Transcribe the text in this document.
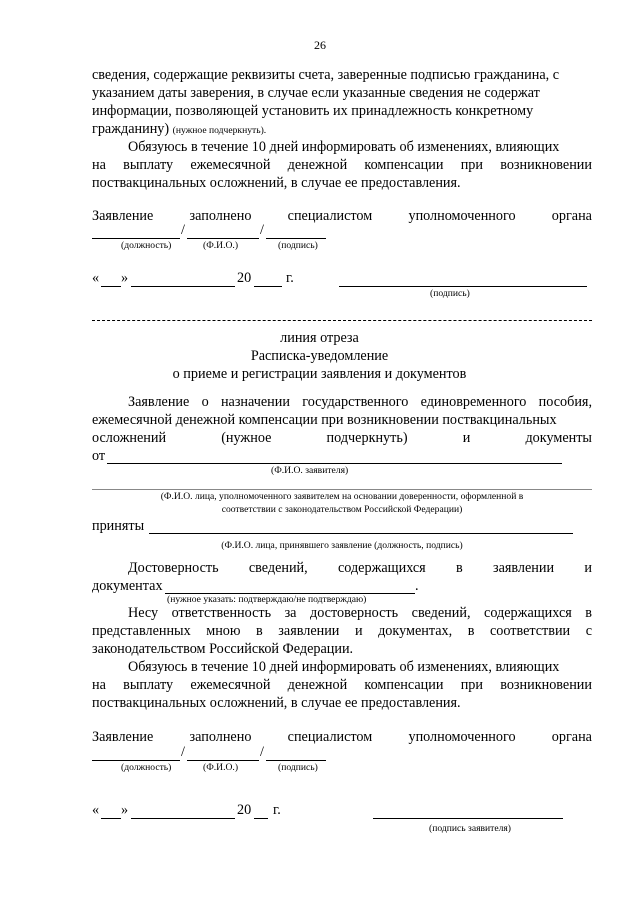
26
сведения, содержащие реквизиты счета, заверенные подписью гражданина, с
указанием даты заверения, в случае если указанные сведения не содержат
информации, позволяющей установить их принадлежность конкретному
гражданину) (нужное подчеркнуть).
Обязуюсь в течение 10 дней информировать об изменениях, влияющих
на выплату ежемесячной денежной компенсации при возникновении
поствакцинальных осложнений, в случае ее предоставления.
Заявление	заполнено	специалистом	уполномоченного	органа
/	/
(должность)	(Ф.И.О.)	(подпись)
« »	20 г.
(подпись)
линия отреза
Расписка-уведомление
о приеме и регистрации заявления и документов
Заявление о назначении государственного единовременного пособия,
ежемесячной денежной компенсации при возникновении поствакцинальных
осложнений	(нужное	подчеркнуть)	и	документы
от
(Ф.И.О. заявителя)
(Ф.И.О. лица, уполномоченного заявителем на основании доверенности, оформленной в
соответствии с законодательством Российской Федерации)
приняты
(Ф.И.О. лица, принявшего заявление (должность, подпись)
Достоверность сведений, содержащихся в заявлении и
документах	.
(нужное указать: подтверждаю/не подтверждаю)
Несу ответственность за достоверность сведений, содержащихся в
представленных мною в заявлении и документах, в соответствии с
законодательством Российской Федерации.
Обязуюсь в течение 10 дней информировать об изменениях, влияющих
на выплату ежемесячной денежной компенсации при возникновении
поствакцинальных осложнений, в случае ее предоставления.
Заявление	заполнено	специалистом	уполномоченного	органа
/	/
(должность)	(Ф.И.О.)	(подпись)
« »	20 г.
(подпись заявителя)
